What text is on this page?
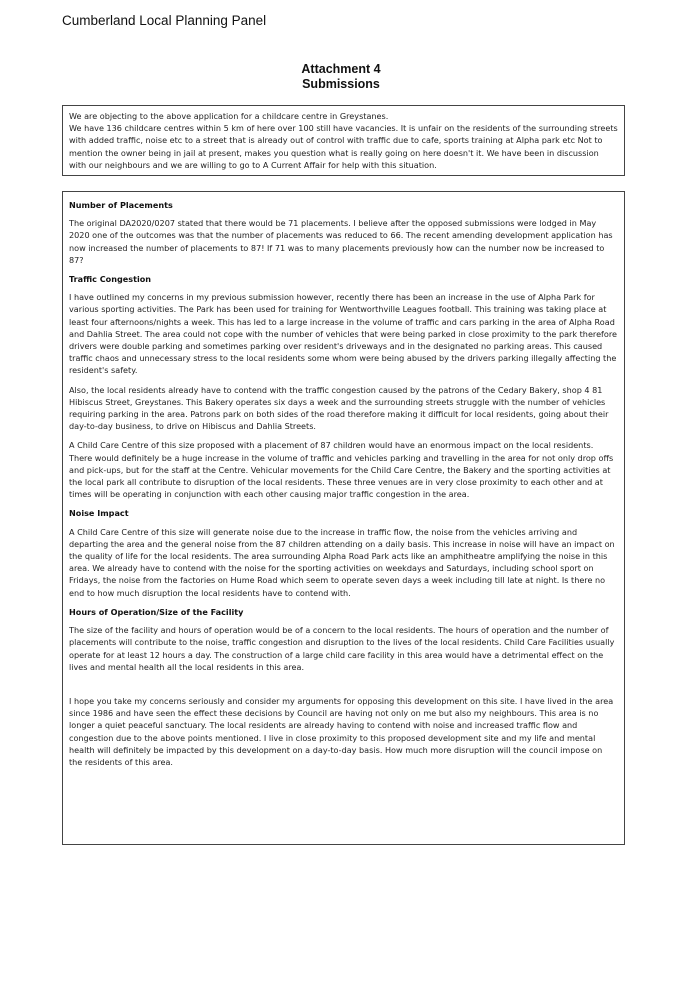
Cumberland Local Planning Panel
Attachment 4
Submissions

We are objecting to the above application for a childcare centre in Greystanes.

We have 136 childcare centres within 5 km of here over 100 still have vacancies. It is unfair on the residents of the surrounding streets with added traffic, noise etc to a street that is already out of control with traffic due to cafe, sports training at Alpha park etc Not to mention the owner being in jail at present, makes you question what is really going on here doesn't it. We have been in discussion with our neighbours and we are willing to go to A Current Affair for help with this situation.

Number of Placements

The original DA2020/0207 stated that there would be 71 placements. I believe after the opposed submissions were lodged in May 2020 one of the outcomes was that the number of placements was reduced to 66. The recent amending development application has now increased the number of placements to 87! If 71 was to many placements previously how can the number now be increased to 87?

Traffic Congestion

I have outlined my concerns in my previous submission however, recently there has been an increase in the use of Alpha Park for various sporting activities. The Park has been used for training for Wentworthville Leagues football. This training was taking place at least four afternoons/nights a week. This has led to a large increase in the volume of traffic and cars parking in the area of Alpha Road and Dahlia Street. The area could not cope with the number of vehicles that were being parked in close proximity to the park therefore drivers were double parking and sometimes parking over resident's driveways and in the designated no parking areas. This caused traffic chaos and unnecessary stress to the local residents some whom were being abused by the drivers parking illegally affecting the resident's safety.

Also, the local residents already have to contend with the traffic congestion caused by the patrons of the Cedary Bakery, shop 4 81 Hibiscus Street, Greystanes. This Bakery operates six days a week and the surrounding streets struggle with the number of vehicles requiring parking in the area. Patrons park on both sides of the road therefore making it difficult for local residents, going about their day-to-day business, to drive on Hibiscus and Dahlia Streets.

A Child Care Centre of this size proposed with a placement of 87 children would have an enormous impact on the local residents. There would definitely be a huge increase in the volume of traffic and vehicles parking and travelling in the area for not only drop offs and pick-ups, but for the staff at the Centre. Vehicular movements for the Child Care Centre, the Bakery and the sporting activities at the local park all contribute to disruption of the local residents. These three venues are in very close proximity to each other and at times will be operating in conjunction with each other causing major traffic congestion in the area.

Noise Impact

A Child Care Centre of this size will generate noise due to the increase in traffic flow, the noise from the vehicles arriving and departing the area and the general noise from the 87 children attending on a daily basis. This increase in noise will have an impact on the quality of life for the local residents. The area surrounding Alpha Road Park acts like an amphitheatre amplifying the noise in this area. We already have to contend with the noise for the sporting activities on weekdays and Saturdays, including school sport on Fridays, the noise from the factories on Hume Road which seem to operate seven days a week including till late at night. Is there no end to how much disruption the local residents have to contend with.

Hours of Operation/Size of the Facility

The size of the facility and hours of operation would be of a concern to the local residents. The hours of operation and the number of placements will contribute to the noise, traffic congestion and disruption to the lives of the local residents. Child Care Facilities usually operate for at least 12 hours a day. The construction of a large child care facility in this area would have a detrimental effect on the lives and mental health all the local residents in this area.

I hope you take my concerns seriously and consider my arguments for opposing this development on this site. I have lived in the area since 1986 and have seen the effect these decisions by Council are having not only on me but also my neighbours. This area is no longer a quiet peaceful sanctuary. The local residents are already having to contend with noise and increased traffic flow and congestion due to the above points mentioned. I live in close proximity to this proposed development site and my life and mental health will definitely be impacted by this development on a day-to-day basis. How much more disruption will the council impose on the residents of this area.
